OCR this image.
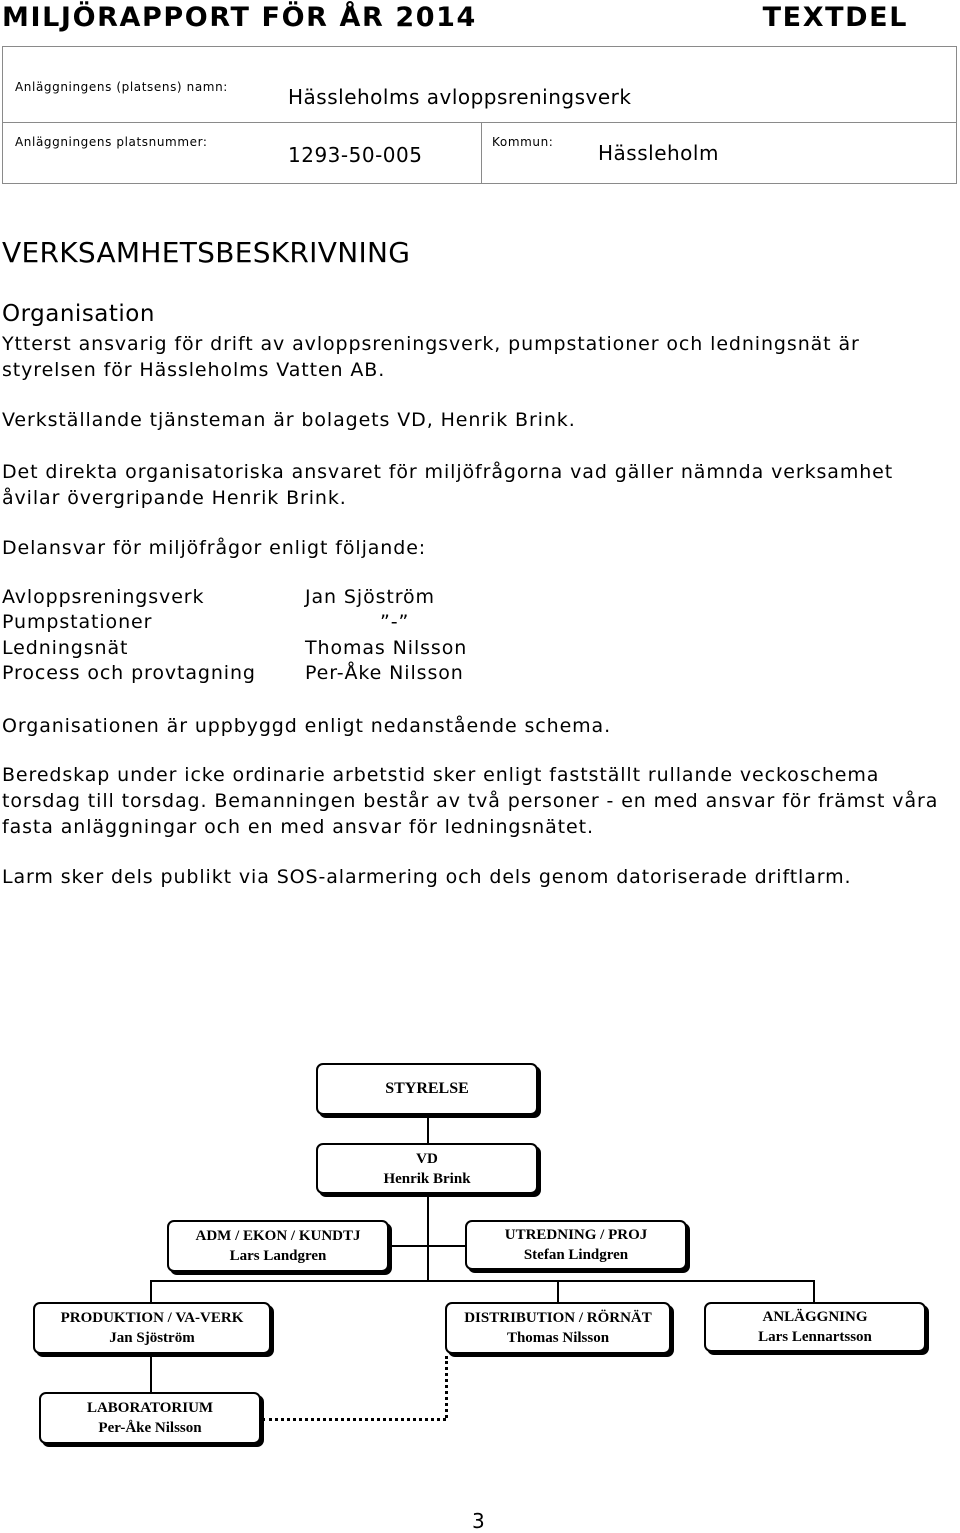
MILJÖRAPPORT FÖR ÅR 2014	TEXTDEL
Anläggningens (platsens) namn:	Hässleholms avloppsreningsverk
Anläggningens platsnummer:
1293-50-005
Kommun: Hässleholm
VERKSAMHETSBESKRIVNING
Organisation
Ytterst ansvarig för drift av avloppsreningsverk, pumpstationer och ledningsnät är styrelsen för Hässleholms Vatten AB.
Verkställande tjänsteman är bolagets VD, Henrik Brink.
Det direkta organisatoriska ansvaret för miljöfrågorna vad gäller nämnda verksamhet åvilar övergripande Henrik Brink.
Delansvar för miljöfrågor enligt följande:
Avloppsreningsverk	Jan Sjöström
Pumpstationer	”-”
Ledningsnät	Thomas Nilsson
Process och provtagning	Per-Åke Nilsson
Organisationen är uppbyggd enligt nedanstående schema.
Beredskap under icke ordinarie arbetstid sker enligt fastställt rullande veckoschema torsdag till torsdag. Bemanningen består av två personer - en med ansvar för främst våra fasta anläggningar och en med ansvar för ledningsnätet.
Larm sker dels publikt via SOS-alarmering och dels genom datoriserade driftlarm.
STYRELSE
VD
Henrik Brink
ADM / EKON / KUNDTJ
Lars Landgren
UTREDNING / PROJ
Stefan Lindgren
PRODUKTION / VA-VERK
Jan Sjöström
DISTRIBUTION / RÖRNÄT
Thomas Nilsson
ANLÄGGNING
Lars Lennartsson
LABORATORIUM
Per-Åke Nilsson
3
